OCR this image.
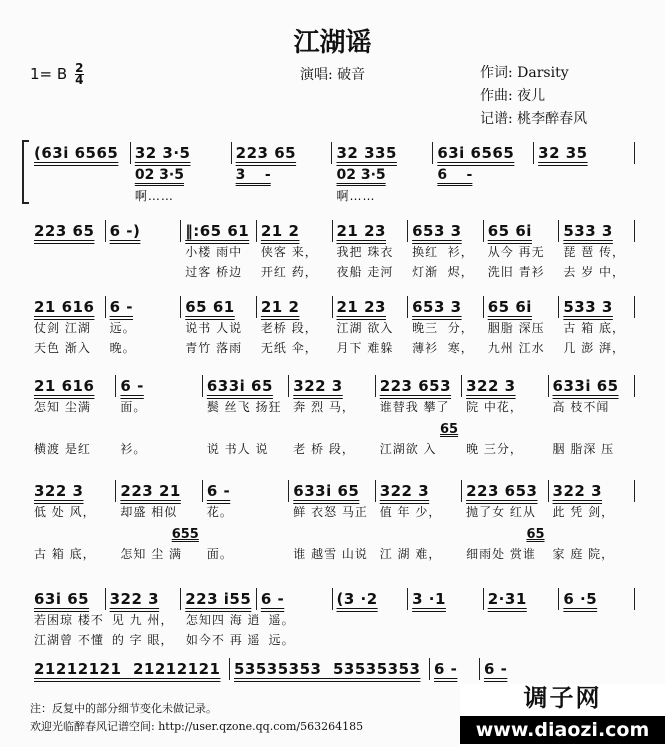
江湖谣
1= B $\frac{2}{4}$	演唱: 破音	作词: Darsity
作曲: 夜儿
记谱: 桃李醉春风
(63i 6565	32 3·5	223 65	32 335	63i 6565	32 35
02 3·5	3    -	02 3·5	6    -
啊……	啊……
223 65	6 -)	‖:65 61 21 2	21 23	653 3	65 6i	533 3
小楼 雨中	侠客 来，	我把 珠衣	换红  衫，	从今 再无	琵 琶 传，
过客 桥边	开红 药，	夜船 走河	灯渐  烬，	洗旧 青衫	去 岁 中，
21 616	6 -	65 61	21 2	21 23	653 3	65 6i	533 3
仗剑 江湖	远。	说书 人说	老桥 段，	江湖 欲入	晚三  分，	胭脂 深压	古 箱 底，
天色 渐入	晚。	青竹 落雨	无纸 伞，	月下 难躲	薄衫  寒，	九州 江水	几 澎 湃，
21 616	6 -	633i 65	322 3	223 653	322 3	633i 65
怎知 尘满	面。	鬓 丝飞 扬狂 奔 烈 马，	谁替我 攀了	院 中花，	高 枝不闻
65
横渡 是红	衫。	说 书人 说	老 桥 段，	江湖欲 入	晚 三分，	胭 脂深 压
322 3	223 21	6 -	633i 65	322 3	223 653	322 3
低 处 风，	却盛 相似	花。	鲜 衣怒 马正 值 年 少，	抛了女 红从	此 凭 剑，
655	65
古 箱 底，	怎知 尘 满	面。	谁 越雪 山说 江 湖 难，	细雨处 赏谁	家 庭 院，
63i 65	322 3	223 i55 6 -	(3 ·2	3 ·1	2·31	6 ·5
若困琼 楼不 见 九 州，	怎知四 海 逍 遥。
江湖曾 不懂 的 字 眼，	如今不 再 遥 远。
21212121  21212121 53535353  53535353 6 -	6 -
注：反复中的部分细节变化未做记录。
欢迎光临醉春风记谱空间: http://user.qzone.qq.com/563264185
调子网
www.diaozi.com
